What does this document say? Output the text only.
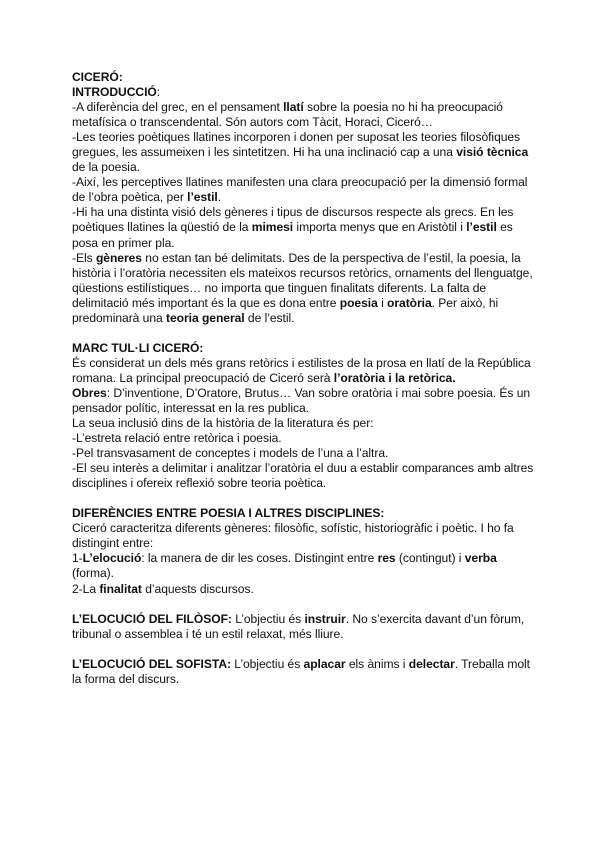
CICERÓ:

INTRODUCCIÓ:

-A diferència del grec, en el pensament llatí sobre la poesia no hi ha preocupació metafísica o transcendental. Són autors com Tàcit, Horaci, Ciceró…

-Les teories poètiques llatines incorporen i donen per suposat les teories filosòfiques gregues, les assumeixen i les sintetitzen. Hi ha una inclinació cap a una visió tècnica de la poesia.

-Així, les perceptives llatines manifesten una clara preocupació per la dimensió formal de l’obra poètica, per l’estil.

-Hi ha una distinta visió dels gèneres i tipus de discursos respecte als grecs. En les poètiques llatines la qüestió de la mimesi importa menys que en Aristòtil i l’estil es posa en primer pla.

-Els gèneres no estan tan bé delimitats. Des de la perspectiva de l’estil, la poesia, la història i l’oratòria necessiten els mateixos recursos retòrics, ornaments del llenguatge, qüestions estilístiques… no importa que tinguen finalitats diferents. La falta de delimitació més important és la que es dona entre poesia i oratòria. Per això, hi predominarà una teoria general de l’estil.

MARC TUL·LI CICERÓ:

És considerat un dels més grans retòrics i estilistes de la prosa en llatí de la República romana. La principal preocupació de Ciceró serà l’oratòria i la retòrica.

Obres: D’inventione, D’Oratore, Brutus… Van sobre oratòria i mai sobre poesia. És un pensador polític, interessat en la res publica.

La seua inclusió dins de la història de la literatura és per:

-L’estreta relació entre retòrica i poesia.

-Pel transvasament de conceptes i models de l’una a l’altra.

-El seu interès a delimitar i analitzar l’oratòria el duu a establir comparances amb altres disciplines i ofereix reflexió sobre teoria poètica.

DIFERÈNCIES ENTRE POESIA I ALTRES DISCIPLINES:

Ciceró caracteritza diferents gèneres: filosòfic, sofístic, historiogràfic i poètic. I ho fa distingint entre:

1-L’elocució: la manera de dir les coses. Distingint entre res (contingut) i verba (forma).

2-La finalitat d’aquests discursos.

L’ELOCUCIÓ DEL FILÒSOF: L’objectiu és instruir. No s’exercita davant d’un fòrum, tribunal o assemblea i té un estil relaxat, més lliure.

L’ELOCUCIÓ DEL SOFISTA: L’objectiu és aplacar els ànims i delectar. Treballa molt la forma del discurs.
